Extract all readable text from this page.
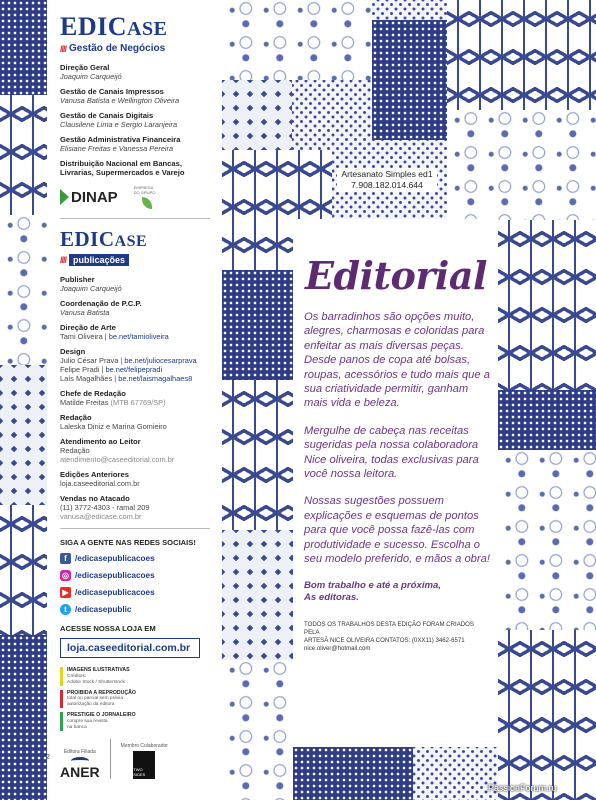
EDICASE
//// Gestão de Negócios
Direção Geral
Joaquim Carqueijó
Gestão de Canais Impressos
Vanusa Batista e Wellington Oliveira
Gestão de Canais Digitais
Clausilene Lima e Sergio Laranjeira
Gestão Administrativa Financeira
Elisiane Freitas e Vanessa Pereira
Distribuição Nacional em Bancas, Livrarias, Supermercados e Varejo
DINAP
EMPRESA DO GRUPO
EDICASE
//// publicações
Publisher
Joaquim Carqueijó
Coordenação de P.C.P.
Vanusa Batista
Direção de Arte
Tami Oliveira | be.net/tamioliveira
Design
Julio César Prava | be.net/juliocesarprava
Felipe Pradi | be.net/felipepradi
Laís Magalhães | be.net/laismagalhaes8
Chefe de Redação
Matilde Freitas (MTB 67769/SP)
Redação
Laleska Diniz e Marina Gomieiro
Atendimento ao Leitor
Redação
atendimento@caseeditorial.com.br
Edições Anteriores
loja.caseeditorial.com.br
Vendas no Atacado
(11) 3772-4303 - ramal 209
vanusa@edicase.com.br
SIGA A GENTE NAS REDES SOCIAIS!
f /edicasepublicacoes
◎ /edicasepublicacoes
▶ /edicasepublicacoes
t /edicasepublic
ACESSE NOSSA LOJA EM
loja.caseeditorial.com.br
IMAGENS ILUSTRATIVAS
Créditos:
Adobe Stock / Shutterstock
PROIBIDA A REPRODUÇÃO
total ou parcial sem prévia
autorização da editora
PRESTIGIE O JORNALEIRO
compre sua revista
na banca
Editora Filiada
ANER
Membro Colaborador
TWO SIDES
2
Artesanato Simples ed1
7.908.182.014.644
Editorial
Os barradinhos são opções muito, alegres, charmosas e coloridas para enfeitar as mais diversas peças. Desde panos de copa até bolsas, roupas, acessórios e tudo mais que a sua criatividade permitir, ganham mais vida e beleza.
Mergulhe de cabeça nas receitas sugeridas pela nossa colaboradora Nice oliveira, todas exclusivas para você nossa leitora.
Nossas sugestões possuem explicações e esquemas de pontos para que você possa fazê-las com produtividade e sucesso. Escolha o seu modelo preferido, e mãos a obra!
Bom trabalho e até a próxima,
As editoras.
TODOS OS TRABALHOS DESTA EDIÇÃO FORAM CRIADOS PELA
ARTESÃ NICE OLIVEIRA CONTATOS: (0XX11) 3462-6571
nice.oliver@hotmail.com
PassionForum.ru
